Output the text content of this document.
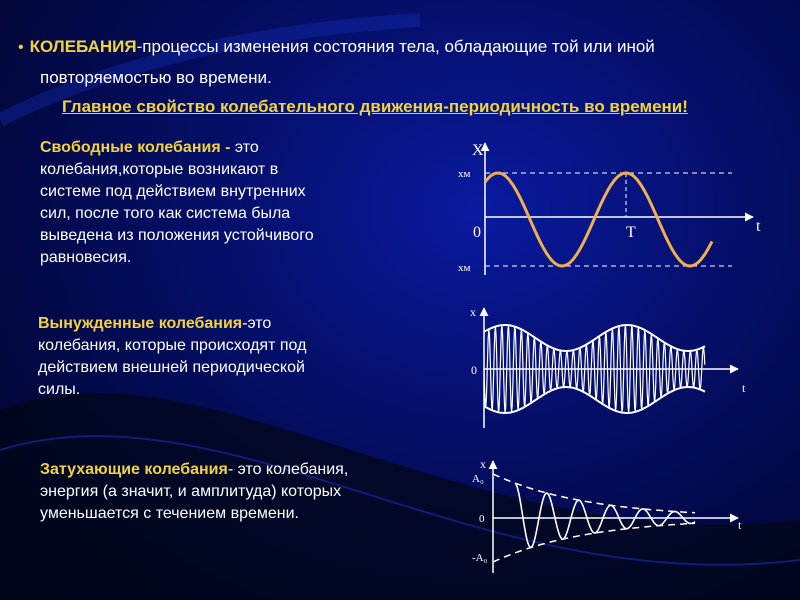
• КОЛЕБАНИЯ-процессы изменения состояния тела, обладающие той или иной
повторяемостью во времени.
Главное свойство колебательного движения-периодичность во времени!
Свободные колебания - это
колебания,которые возникают в
системе под действием внутренних
сил, после того как система была
выведена из положения устойчивого
равновесия.
Вынужденные колебания-это
колебания, которые происходят под
действием внешней периодической
силы.
Затухающие колебания- это колебания,
энергия (а значит, и амплитуда) которых
уменьшается с течением времени.
X
t
xм
xм
0	T
x
t
0
x
t
A₀
-A₀
0
